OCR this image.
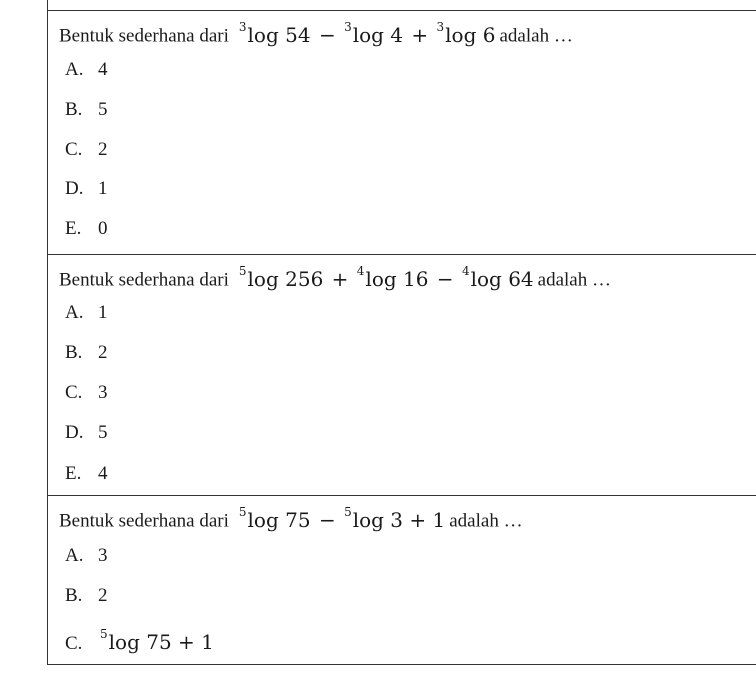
Bentuk sederhana dari $^3$log 54 − $^3$log 4 + $^3$log 6 adalah …
A. 4
B. 5
C. 2
D. 1
E. 0
Bentuk sederhana dari $^5$log 256 + $^4$log 16 − $^4$log 64 adalah …
A. 1
B. 2
C. 3
D. 5
E. 4
Bentuk sederhana dari $^5$log 75 − $^5$log 3 + 1 adalah …
A. 3
B. 2
C. $^5$log 75 + 1
